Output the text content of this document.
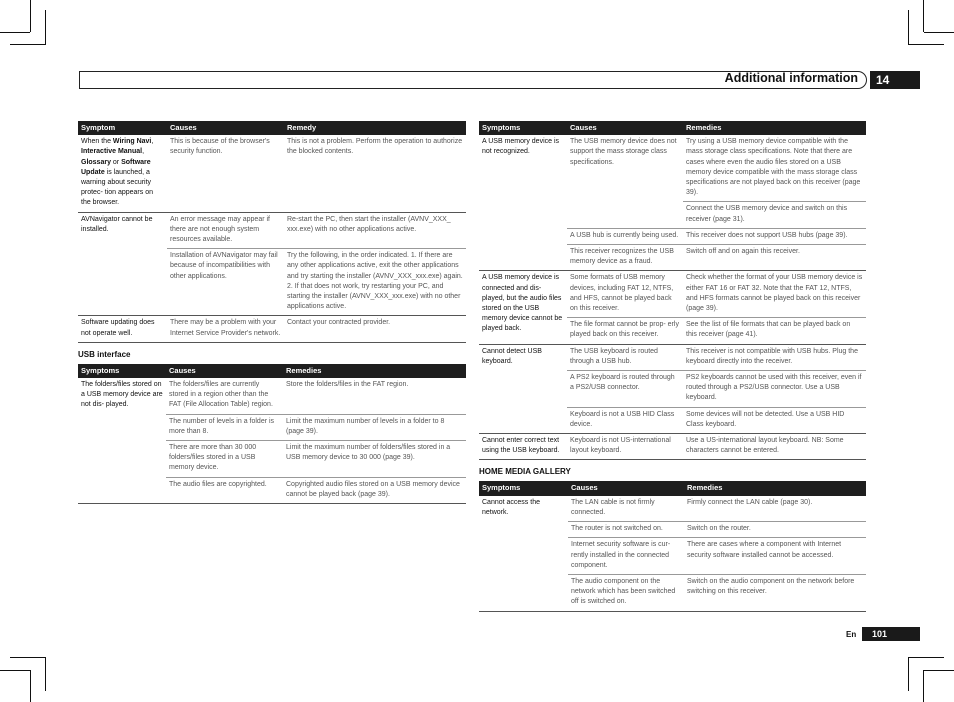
Additional information	14
Symptom	Causes	Remedy
When the Wiring Navi, Interactive Manual, Glossary or Software Update is launched, a warning about security protec- tion appears on the browser.	This is because of the browser's security function.	This is not a problem. Perform the operation to authorize the blocked contents.
AVNavigator cannot be installed.	An error message may appear if there are not enough system resources available.	Re-start the PC, then start the installer (AVNV_XXX_ xxx.exe) with no other applications active.
	Installation of AVNavigator may fail because of incompatibilities with other applications.	Try the following, in the order indicated. 1. If there are any other applications active, exit the other applications and try starting the installer (AVNV_XXX_xxx.exe) again. 2. If that does not work, try restarting your PC, and starting the installer (AVNV_XXX_xxx.exe) with no other applications active.
Software updating does not operate well.	There may be a problem with your Internet Service Provider's network.	Contact your contracted provider.
USB interface
Symptoms	Causes	Remedies
The folders/files stored on a USB memory device are not dis- played.	The folders/files are currently stored in a region other than the FAT (File Allocation Table) region.	Store the folders/files in the FAT region.
	The number of levels in a folder is more than 8.	Limit the maximum number of levels in a folder to 8 (page 39).
	There are more than 30 000 folders/files stored in a USB memory device.	Limit the maximum number of folders/files stored in a USB memory device to 30 000 (page 39).
	The audio files are copyrighted.	Copyrighted audio files stored on a USB memory device cannot be played back (page 39).
Symptoms	Causes	Remedies
A USB memory device is not recognized.	The USB memory device does not support the mass storage class specifications.	Try using a USB memory device compatible with the mass storage class specifications. Note that there are cases where even the audio files stored on a USB memory device compatible with the mass storage class specifications are not played back on this receiver (page 39).
		Connect the USB memory device and switch on this receiver (page 31).
	A USB hub is currently being used.	This receiver does not support USB hubs (page 39).
	This receiver recognizes the USB memory device as a fraud.	Switch off and on again this receiver.
A USB memory device is connected and dis- played, but the audio files stored on the USB memory device cannot be played back.	Some formats of USB memory devices, including FAT 12, NTFS, and HFS, cannot be played back on this receiver.	Check whether the format of your USB memory device is either FAT 16 or FAT 32. Note that the FAT 12, NTFS, and HFS formats cannot be played back on this receiver (page 39).
	The file format cannot be prop- erly played back on this receiver.	See the list of file formats that can be played back on this receiver (page 41).
Cannot detect USB keyboard.	The USB keyboard is routed through a USB hub.	This receiver is not compatible with USB hubs. Plug the keyboard directly into the receiver.
	A PS2 keyboard is routed through a PS2/USB connector.	PS2 keyboards cannot be used with this receiver, even if routed through a PS2/USB connector. Use a USB keyboard.
	Keyboard is not a USB HID Class device.	Some devices will not be detected. Use a USB HID Class keyboard.
Cannot enter correct text using the USB keyboard.	Keyboard is not US-international layout keyboard.	Use a US-international layout keyboard. NB: Some characters cannot be entered.
HOME MEDIA GALLERY
Symptoms	Causes	Remedies
Cannot access the network.	The LAN cable is not firmly connected.	Firmly connect the LAN cable (page 30).
	The router is not switched on.	Switch on the router.
	Internet security software is cur- rently installed in the connected component.	There are cases where a component with Internet security software installed cannot be accessed.
	The audio component on the network which has been switched off is switched on.	Switch on the audio component on the network before switching on this receiver.
En	101
